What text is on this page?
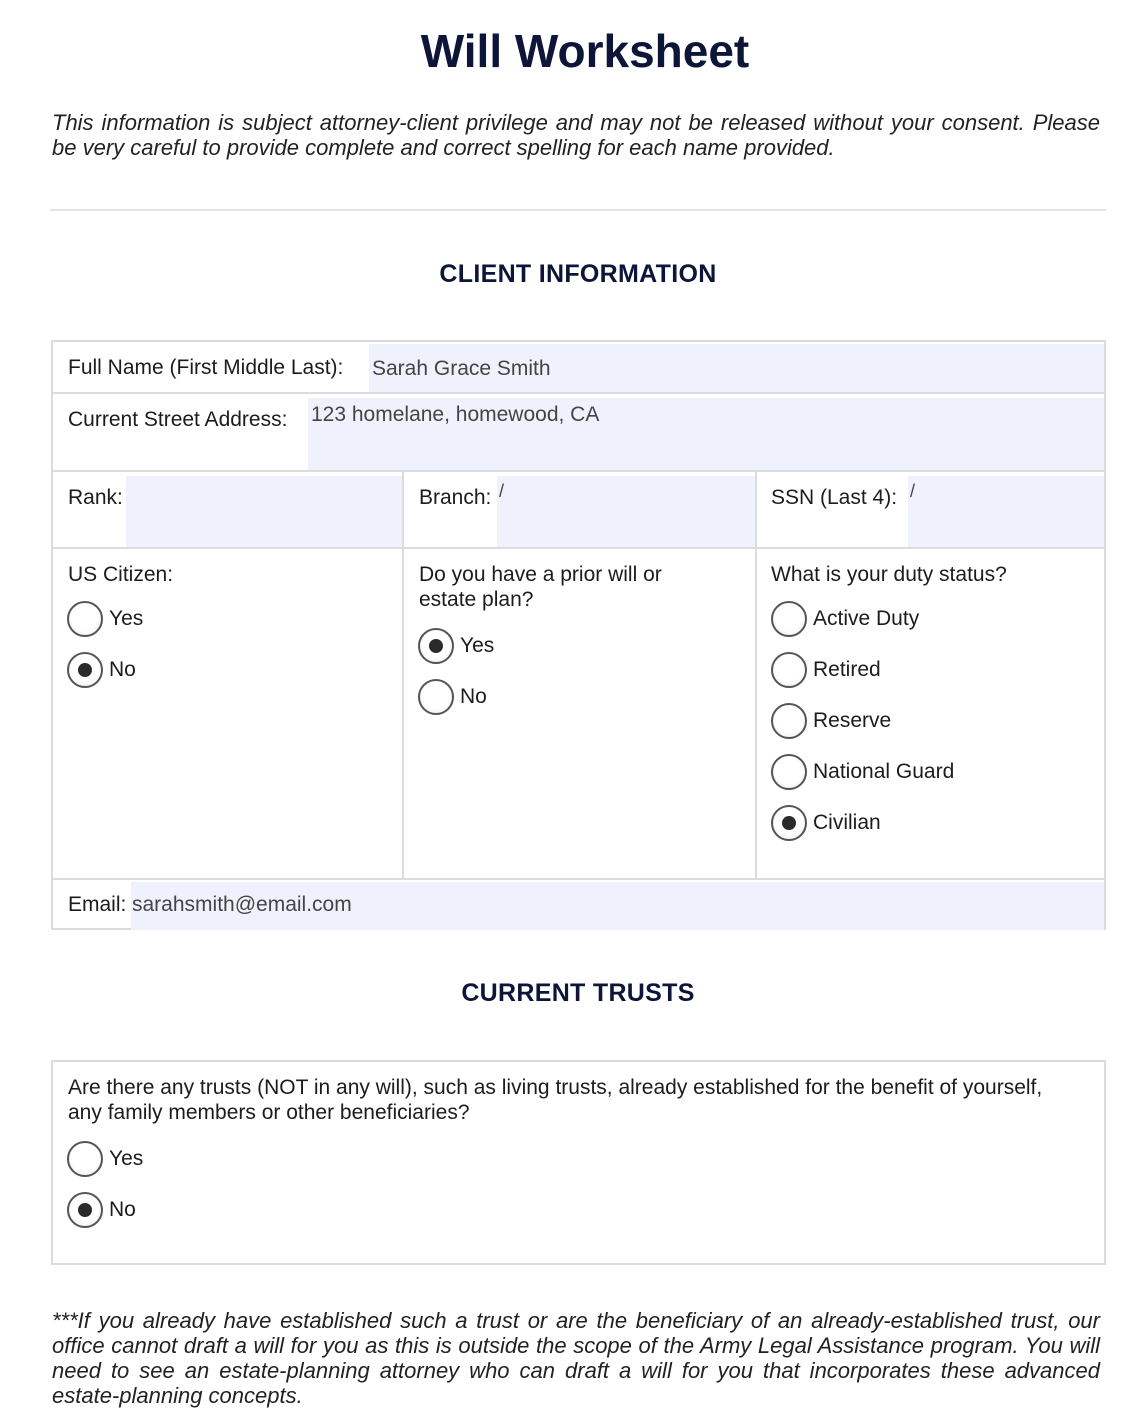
Will Worksheet
This information is subject attorney-client privilege and may not be released without your consent. Please be very careful to provide complete and correct spelling for each name provided.
CLIENT INFORMATION
Full Name (First Middle Last): Sarah Grace Smith
Current Street Address: 123 homelane, homewood, CA
Rank:	Branch: /	SSN (Last 4): /
US Citizen:
Yes
No
Do you have a prior will or estate plan?
Yes
No
What is your duty status?
Active Duty
Retired
Reserve
National Guard
Civilian
Email: sarahsmith@email.com
CURRENT TRUSTS
Are there any trusts (NOT in any will), such as living trusts, already established for the benefit of yourself, any family members or other beneficiaries?
Yes
No
***If you already have established such a trust or are the beneficiary of an already-established trust, our office cannot draft a will for you as this is outside the scope of the Army Legal Assistance program. You will need to see an estate-planning attorney who can draft a will for you that incorporates these advanced estate-planning concepts.
